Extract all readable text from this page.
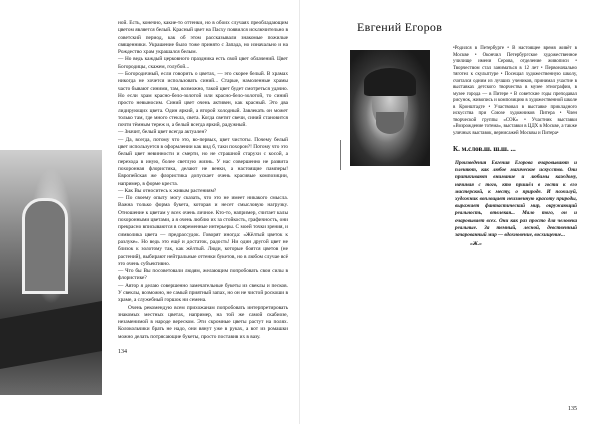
ной. Есть, конечно, какие-то оттенки, но в обоих случаях преобладающим цветом является белый. Красный цвет на Пасху появился исключительно в советский период, как об этом рассказывали знакомые пожилые священники. Украшение было тоже принято с Запада, но изначально и на Рождество храм украшался белым.

— Но ведь каждый церковного праздника есть свой цвет облачений. Цвет Богородицы, скажем, голубой...

— Богородичный, если говорить о цветах, — это скорее белый. В храмах никогда не хочется использовать синий... Старые, намоленные храмы часто бывают синими, там, возможно, такой цвет будет смотреться удачно. Но если храм красно-бело-золотой или красно-бело-золотой, то синий просто невыносим. Синий цвет очень активен, как красный. Это два лидирующих цвета. Один яркий, а второй холодный. Завлекать он может только там, где много стекла, света. Когда светит свечи, синий становится почти тёмным тереж и, а белый всегда яркий, радужный.

— Значит, белый цвет всегда актуален?

— Да, всегда, потому что это, во-первых, цвет чистоты. Почему белый цвет используется в оформлении как вид б, таки похорон?! Потому что это белый цвет невинности и смерти, но не страшной старухи с косой, а перехода в иную, более светлую жизнь. У нас совершенно не развита похоронная флористика, делают не венки, а настоящие памперы! Европейская же флористика допускает очень красивые композиции, например, в форме креста.

— Как Вы относитесь к живым растениям?

— По своему опыту могу сказать, что это не имеет никакого смысла. Важна только форма букета, которая и несет смысловую нагрузку. Отношение к цветам у всех очень личное. Кто-то, например, считает калы похоронными цветами, а я очень люблю их за стойкость, графичность, они прекрасно вписываются в современные интерьеры. С моей точки зрения, и символика цвета — предрассудок. Говорят иногда: «Жёлтый цветок к разлуке». Но ведь это ещё и достаток, радость! Ни один другой цвет не близок к золотому так, как жёлтый. Люди, которые боятся цветов (не растений), выбирают нейтральные оттенки букетов, но в любом случае всё это очень субъективно.

— Что бы Вы посоветовали людям, желающим попробовать свои силы в флористике?

— Автор я делаю совершенно замечательные букеты из свеклы и песков. У свеклы, возможно, не самый приятный запах, но он не чистой роскоши в храме, а служебный горшок ни семена.

Очень рекомендую всем прихожанам попробовать интерпретировать знакомых местных цветах, например, на той же самой скабиозе, незаменимой в народе вереском. Эти скромные цветы растут на полях. Колокольчики брать не надо, они вянут уже в руках, а вот из ромашки можно делать потрясающие букеты, просто поставив их в вазу.

134
Евгений Егоров
•Родился в Петербурге • В настоящее время живёт в Москве • Окончил Петербургское художественное училище имени Серова, отделение живописи • Творчеством стал заниматься в 12 лет • Первоначально тяготел к скульптуре • Посещал художественную школу, считался одним из лучших учеников, принимал участие в выставках детского творчества в музее этнографии, в музее города — в Питере • В советские годы преподавал рисунок, живопись и композицию в художественной школе в Кронштадте • Участвовал в выставке прикладного искусства при Союзе художников Питера • Член творческой группы «СОК» • Участник выставки «Возрождение тотема», выставки в ЦДХ в Москве, а также уличных выставок, вернисажей Москвы и Питера•
К. м.слов.ш. ш.ш. ...
Произведения Евгения Егорова очаровывают и пленяют, как любое магическое искусство. Они притягивают внимание и любимы каждому, начиная с того, кто пришёл в гости к его мастерской, к месту, о природе. И пожалуй, художник воплощает неизменную красоту природы, выражает фантастический мир, окружающий реальность, отвлекая... Мало того, он и очаровывает всех. Они как раз просто для человека реальные. За темный, лесной, девственный зачарованный мир — вдохновение, восхищение...
«Ж.»
135
